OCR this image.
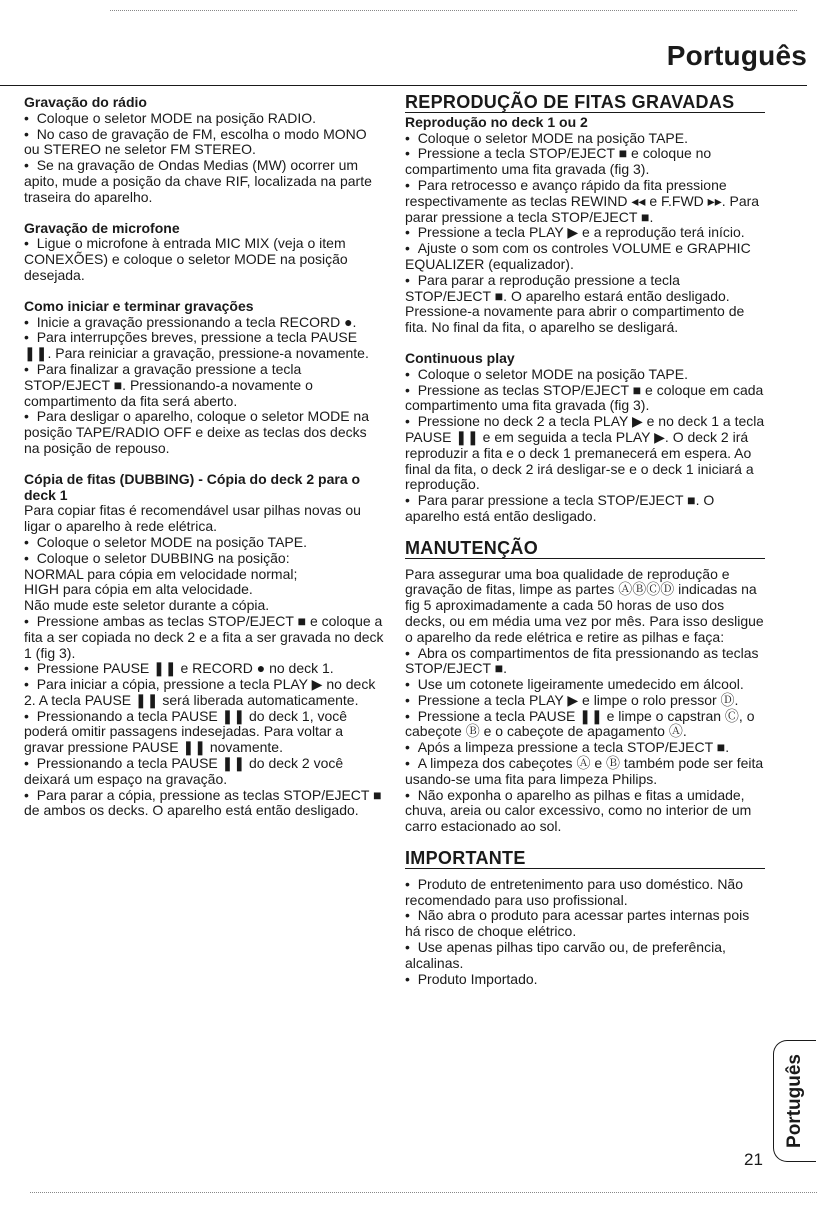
Português

Gravação do rádio

•  Coloque o seletor MODE na posição RADIO.

•  No caso de gravação de FM, escolha o modo MONO ou STEREO ne seletor FM STEREO.

•  Se na gravação de Ondas Medias (MW) ocorrer um apito, mude a posição da chave RIF, localizada na parte traseira do aparelho.

Gravação de microfone

•  Ligue o microfone à entrada MIC MIX (veja o item CONEXÕES) e coloque o seletor MODE na posição desejada.

Como iniciar e terminar gravações

•  Inicie a gravação pressionando a tecla RECORD ●.

•  Para interrupções breves, pressione a tecla PAUSE ❚❚. Para reiniciar a gravação, pressione-a novamente.

•  Para finalizar a gravação pressione a tecla STOP/EJECT ■. Pressionando-a novamente o compartimento da fita será aberto.

•  Para desligar o aparelho, coloque o seletor MODE na posição TAPE/RADIO OFF e deixe as teclas dos decks na posição de repouso.

Cópia de fitas (DUBBING) - Cópia do deck 2 para o deck 1

Para copiar fitas é recomendável usar pilhas novas ou ligar o aparelho à rede elétrica.

•  Coloque o seletor MODE na posição TAPE.

•  Coloque o seletor DUBBING na posição:

NORMAL para cópia em velocidade normal;

HIGH para cópia em alta velocidade.

Não mude este seletor durante a cópia.

•  Pressione ambas as teclas STOP/EJECT ■ e coloque a fita a ser copiada no deck 2 e a fita a ser gravada no deck 1 (fig 3).

•  Pressione PAUSE ❚❚ e RECORD ● no deck 1.

•  Para iniciar a cópia, pressione a tecla PLAY ▶ no deck 2. A tecla PAUSE ❚❚ será liberada automaticamente.

•  Pressionando a tecla PAUSE ❚❚ do deck 1, você poderá omitir passagens indesejadas. Para voltar a gravar pressione PAUSE ❚❚ novamente.

•  Pressionando a tecla PAUSE ❚❚ do deck 2 você deixará um espaço na gravação.

•  Para parar a cópia, pressione as teclas STOP/EJECT ■ de ambos os decks. O aparelho está então desligado.

REPRODUÇÃO DE FITAS GRAVADAS

Reprodução no deck 1 ou 2

•  Coloque o seletor MODE na posição TAPE.

•  Pressione a tecla STOP/EJECT ■ e coloque no compartimento uma fita gravada (fig 3).

•  Para retrocesso e avanço rápido da fita pressione respectivamente as teclas REWIND ◂◂ e F.FWD ▸▸. Para parar pressione a tecla STOP/EJECT ■.

•  Pressione a tecla PLAY ▶ e a reprodução terá início.

•  Ajuste o som com os controles VOLUME e GRAPHIC EQUALIZER (equalizador).

•  Para parar a reprodução pressione a tecla STOP/EJECT ■. O aparelho estará então desligado. Pressione-a novamente para abrir o compartimento de fita. No final da fita, o aparelho se desligará.

Continuous play

•  Coloque o seletor MODE na posição TAPE.

•  Pressione as teclas STOP/EJECT ■ e coloque em cada compartimento uma fita gravada (fig 3).

•  Pressione no deck 2 a tecla PLAY ▶ e no deck 1 a tecla PAUSE ❚❚ e em seguida a tecla PLAY ▶. O deck 2 irá reproduzir a fita e o deck 1 premanecerá em espera. Ao final da fita, o deck 2 irá desligar-se e o deck 1 iniciará a reprodução.

•  Para parar pressione a tecla STOP/EJECT ■. O aparelho está então desligado.

MANUTENÇÃO

Para assegurar uma boa qualidade de reprodução e gravação de fitas, limpe as partes ⒶⒷⒸⒹ indicadas na fig 5 aproximadamente a cada 50 horas de uso dos decks, ou em média uma vez por mês. Para isso desligue o aparelho da rede elétrica e retire as pilhas e faça:

•  Abra os compartimentos de fita pressionando as teclas STOP/EJECT ■.

•  Use um cotonete ligeiramente umedecido em álcool.

•  Pressione a tecla PLAY ▶ e limpe o rolo pressor Ⓓ.

•  Pressione a tecla PAUSE ❚❚ e limpe o capstran Ⓒ, o cabeçote Ⓑ e o cabeçote de apagamento Ⓐ.

•  Após a limpeza pressione a tecla STOP/EJECT ■.

•  A limpeza dos cabeçotes Ⓐ e Ⓑ também pode ser feita usando-se uma fita para limpeza Philips.

•  Não exponha o aparelho as pilhas e fitas a umidade, chuva, areia ou calor excessivo, como no interior de um carro estacionado ao sol.

IMPORTANTE

•  Produto de entretenimento para uso doméstico. Não recomendado para uso profissional.

•  Não abra o produto para acessar partes internas pois há risco de choque elétrico.

•  Use apenas pilhas tipo carvão ou, de preferência, alcalinas.

•  Produto Importado.

Português
21
